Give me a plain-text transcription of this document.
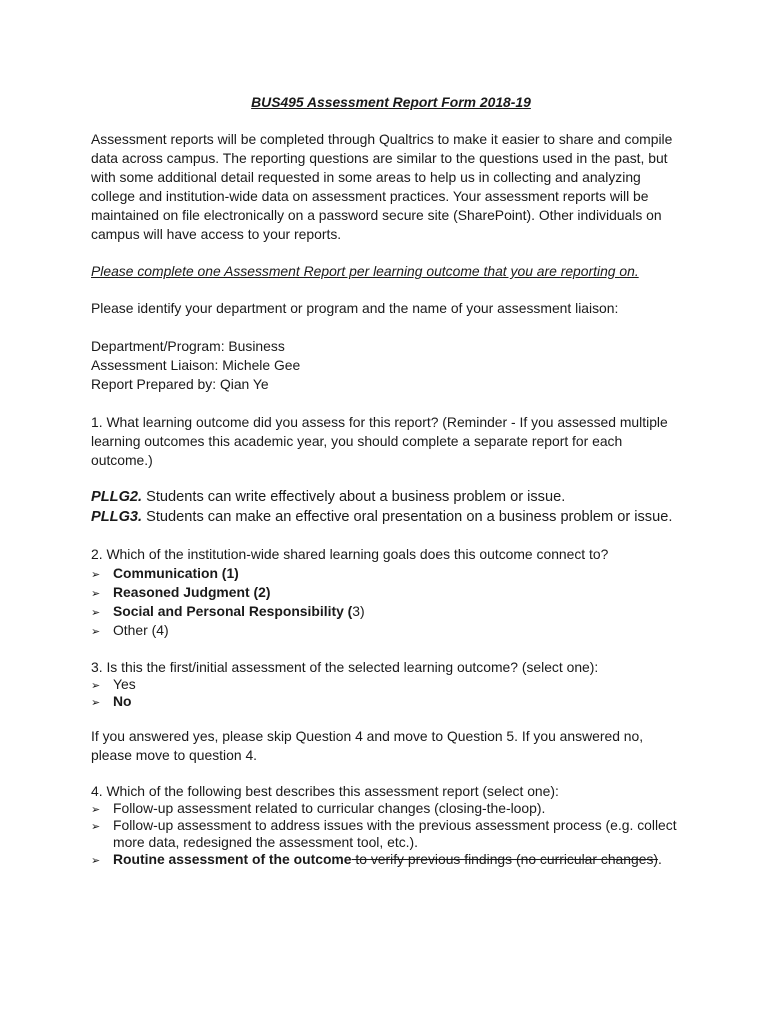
BUS495 Assessment Report Form 2018-19
Assessment reports will be completed through Qualtrics to make it easier to share and compile
data across campus. The reporting questions are similar to the questions used in the past, but
with some additional detail requested in some areas to help us in collecting and analyzing
college and institution-wide data on assessment practices. Your assessment reports will be
maintained on file electronically on a password secure site (SharePoint). Other individuals on
campus will have access to your reports.
Please complete one Assessment Report per learning outcome that you are reporting on.
Please identify your department or program and the name of your assessment liaison:
Department/Program: Business
Assessment Liaison: Michele Gee
Report Prepared by: Qian Ye
1. What learning outcome did you assess for this report? (Reminder - If you assessed multiple
learning outcomes this academic year, you should complete a separate report for each
outcome.)
PLLG2. Students can write effectively about a business problem or issue.
PLLG3. Students can make an effective oral presentation on a business problem or issue.
2. Which of the institution-wide shared learning goals does this outcome connect to?
➢ Communication (1)
➢ Reasoned Judgment (2)
➢ Social and Personal Responsibility (3)
➢ Other (4)
3. Is this the first/initial assessment of the selected learning outcome? (select one):
➢ Yes
➢ No
If you answered yes, please skip Question 4 and move to Question 5. If you answered no,
please move to question 4.
4. Which of the following best describes this assessment report (select one):
➢ Follow-up assessment related to curricular changes (closing-the-loop).
➢ Follow-up assessment to address issues with the previous assessment process (e.g. collect
more data, redesigned the assessment tool, etc.).
➢ Routine assessment of the outcome to verify previous findings (no curricular changes).
